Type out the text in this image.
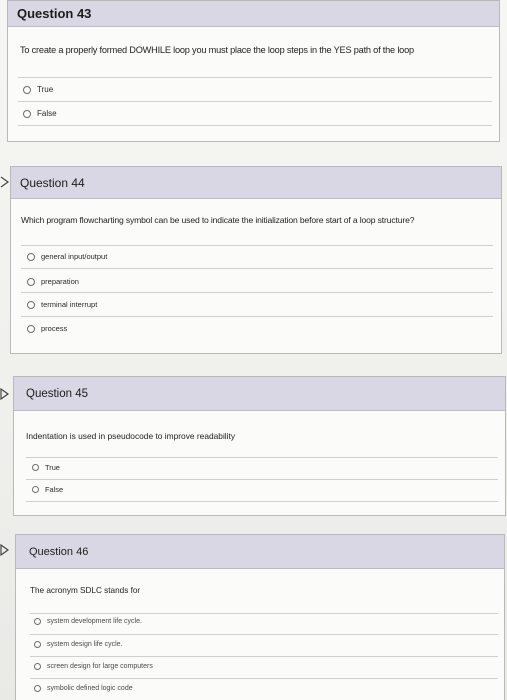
Question 43
To create a properly formed DOWHILE loop you must place the loop steps in the YES path of the loop
True
False
Question 44
Which program flowcharting symbol can be used to indicate the initialization before start of a loop structure?
general input/output
preparation
terminal interrupt
process
Question 45
Indentation is used in pseudocode to improve readability
True
False
Question 46
The acronym SDLC stands for
system development life cycle.
system design life cycle.
screen design for large computers
symbolic defined logic code
